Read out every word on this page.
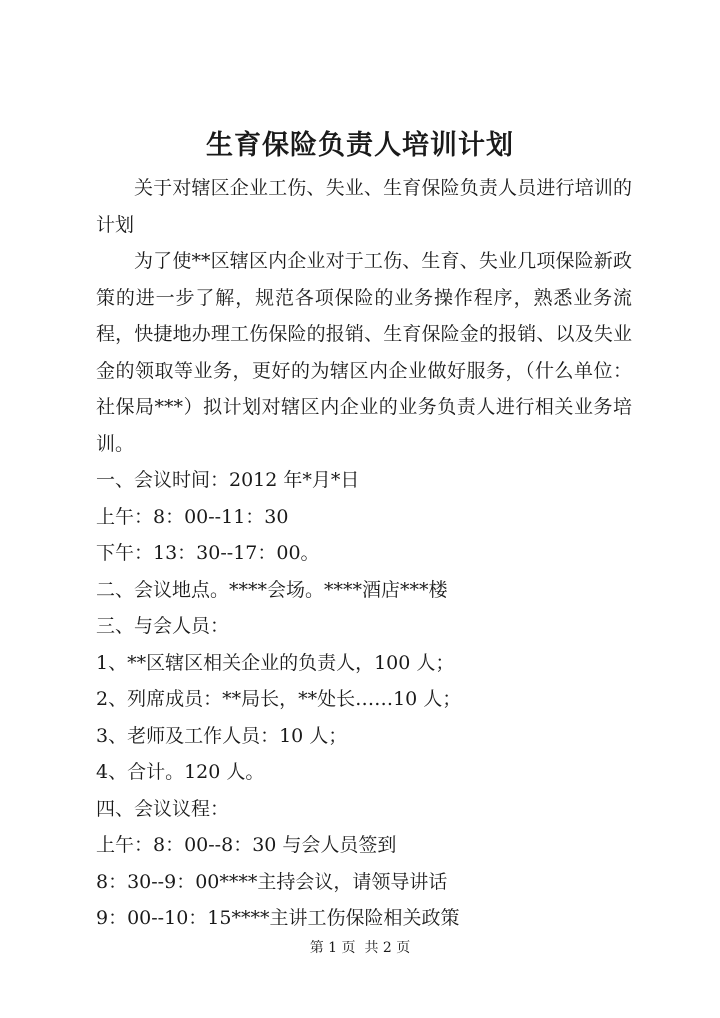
生育保险负责人培训计划

关于对辖区企业工伤、失业、生育保险负责人员进行培训的计划

为了使**区辖区内企业对于工伤、生育、失业几项保险新政策的进一步了解，规范各项保险的业务操作程序，熟悉业务流程，快捷地办理工伤保险的报销、生育保险金的报销、以及失业金的领取等业务，更好的为辖区内企业做好服务，（什么单位：社保局***）拟计划对辖区内企业的业务负责人进行相关业务培训。

一、会议时间：2012 年*月*日

上午：8：00--11：30

下午：13：30--17：00。

二、会议地点。****会场。****酒店***楼

三、与会人员：

1、**区辖区相关企业的负责人，100 人；

2、列席成员：**局长，**处长……10 人；

3、老师及工作人员：10 人；

4、合计。120 人。

四、会议议程：

上午：8：00--8：30 与会人员签到

8：30--9：00****主持会议，请领导讲话

9：00--10：15****主讲工伤保险相关政策

第 1 页  共 2 页
